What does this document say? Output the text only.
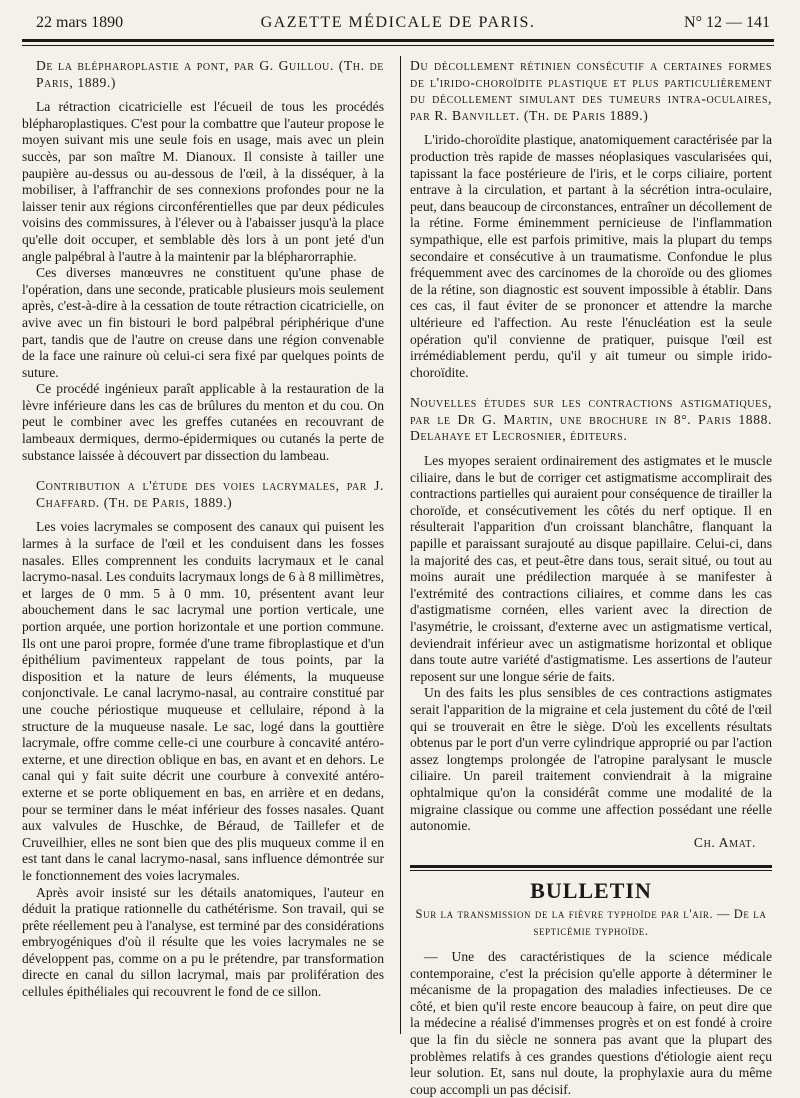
22 mars 1890	GAZETTE MÉDICALE DE PARIS.	N° 12 — 141

De la blépharoplastie a pont, par G. Guillou. (Th. de Paris, 1889.)

La rétraction cicatricielle est l'écueil de tous les procédés blépharoplastiques. C'est pour la combattre que l'auteur propose le moyen suivant mis une seule fois en usage, mais avec un plein succès, par son maître M. Dianoux. Il consiste à tailler une paupière au-dessus ou au-dessous de l'œil, à la disséquer, à la mobiliser, à l'affranchir de ses connexions profondes pour ne la laisser tenir aux régions circonférentielles que par deux pédicules voisins des commissures, à l'élever ou à l'abaisser jusqu'à la place qu'elle doit occuper, et semblable dès lors à un pont jeté d'un angle palpébral à l'autre à la maintenir par la blépharorraphie.

Ces diverses manœuvres ne constituent qu'une phase de l'opération, dans une seconde, praticable plusieurs mois seulement après, c'est-à-dire à la cessation de toute rétraction cicatricielle, on avive avec un fin bistouri le bord palpébral périphérique d'une part, tandis que de l'autre on creuse dans une région convenable de la face une rainure où celui-ci sera fixé par quelques points de suture.

Ce procédé ingénieux paraît applicable à la restauration de la lèvre inférieure dans les cas de brûlures du menton et du cou. On peut le combiner avec les greffes cutanées en recouvrant de lambeaux dermiques, dermo-épidermiques ou cutanés la perte de substance laissée à découvert par dissection du lambeau.

Contribution a l'étude des voies lacrymales, par J. Chaffard. (Th. de Paris, 1889.)

Les voies lacrymales se composent des canaux qui puisent les larmes à la surface de l'œil et les conduisent dans les fosses nasales. Elles comprennent les conduits lacrymaux et le canal lacrymo-nasal. Les conduits lacrymaux longs de 6 à 8 millimètres, et larges de 0 mm. 5 à 0 mm. 10, présentent avant leur abouchement dans le sac lacrymal une portion verticale, une portion arquée, une portion horizontale et une portion commune. Ils ont une paroi propre, formée d'une trame fibroplastique et d'un épithélium pavimenteux rappelant de tous points, par la disposition et la nature de leurs éléments, la muqueuse conjonctivale. Le canal lacrymo-nasal, au contraire constitué par une couche périostique muqueuse et cellulaire, répond à la structure de la muqueuse nasale. Le sac, logé dans la gouttière lacrymale, offre comme celle-ci une courbure à concavité antéro-externe, et une direction oblique en bas, en avant et en dehors. Le canal qui y fait suite décrit une courbure à convexité antéro-externe et se porte obliquement en bas, en arrière et en dedans, pour se terminer dans le méat inférieur des fosses nasales. Quant aux valvules de Huschke, de Béraud, de Taillefer et de Cruveilhier, elles ne sont bien que des plis muqueux comme il en est tant dans le canal lacrymo-nasal, sans influence démontrée sur le fonctionnement des voies lacrymales.

Après avoir insisté sur les détails anatomiques, l'auteur en déduit la pratique rationnelle du cathétérisme. Son travail, qui se prête réellement peu à l'analyse, est terminé par des considérations embryogéniques d'où il résulte que les voies lacrymales ne se développent pas, comme on a pu le prétendre, par transformation directe en canal du sillon lacrymal, mais par prolifération des cellules épithéliales qui recouvrent le fond de ce sillon.

Du décollement rétinien consécutif a certaines formes de l'irido-choroïdite plastique et plus particulièrement du décollement simulant des tumeurs intra-oculaires, par R. Banvillet. (Th. de Paris 1889.)

L'irido-choroïdite plastique, anatomiquement caractérisée par la production très rapide de masses néoplasiques vascularisées qui, tapissant la face postérieure de l'iris, et le corps ciliaire, portent entrave à la circulation, et partant à la sécrétion intra-oculaire, peut, dans beaucoup de circonstances, entraîner un décollement de la rétine. Forme éminemment pernicieuse de l'inflammation sympathique, elle est parfois primitive, mais la plupart du temps secondaire et consécutive à un traumatisme. Confondue le plus fréquemment avec des carcinomes de la choroïde ou des gliomes de la rétine, son diagnostic est souvent impossible à établir. Dans ces cas, il faut éviter de se prononcer et attendre la marche ultérieure ed l'affection. Au reste l'énucléation est la seule opération qu'il convienne de pratiquer, puisque l'œil est irrémédiablement perdu, qu'il y ait tumeur ou simple irido-choroïdite.

Nouvelles études sur les contractions astigmatiques, par le Dr G. Martin, une brochure in 8°. Paris 1888. Delahaye et Lecrosnier, éditeurs.

Les myopes seraient ordinairement des astigmates et le muscle ciliaire, dans le but de corriger cet astigmatisme accomplirait des contractions partielles qui auraient pour conséquence de tirailler la choroïde, et consécutivement les côtés du nerf optique. Il en résulterait l'apparition d'un croissant blanchâtre, flanquant la papille et paraissant surajouté au disque papillaire. Celui-ci, dans la majorité des cas, et peut-être dans tous, serait situé, ou tout au moins aurait une prédilection marquée à se manifester à l'extrémité des contractions ciliaires, et comme dans les cas d'astigmatisme cornéen, elles varient avec la direction de l'asymétrie, le croissant, d'externe avec un astigmatisme vertical, deviendrait inférieur avec un astigmatisme horizontal et oblique dans toute autre variété d'astigmatisme. Les assertions de l'auteur reposent sur une longue série de faits.

Un des faits les plus sensibles de ces contractions astigmates serait l'apparition de la migraine et cela justement du côté de l'œil qui se trouverait en être le siège. D'où les excellents résultats obtenus par le port d'un verre cylindrique approprié ou par l'action assez longtemps prolongée de l'atropine paralysant le muscle ciliaire. Un pareil traitement conviendrait à la migraine ophtalmique qu'on la considérât comme une modalité de la migraine classique ou comme une affection possédant une réelle autonomie.

Ch. Amat.

BULLETIN

Sur la transmission de la fièvre typhoïde par l'air. — De la septicémie typhoïde.

— Une des caractéristiques de la science médicale contemporaine, c'est la précision qu'elle apporte à déterminer le mécanisme de la propagation des maladies infectieuses. De ce côté, et bien qu'il reste encore beaucoup à faire, on peut dire que la médecine a réalisé d'immenses progrès et on est fondé à croire que la fin du siècle ne sonnera pas avant que la plupart des problèmes relatifs à ces grandes questions d'étiologie aient reçu leur solution. Et, sans nul doute, la prophylaxie aura du même coup accompli un pas décisif.
